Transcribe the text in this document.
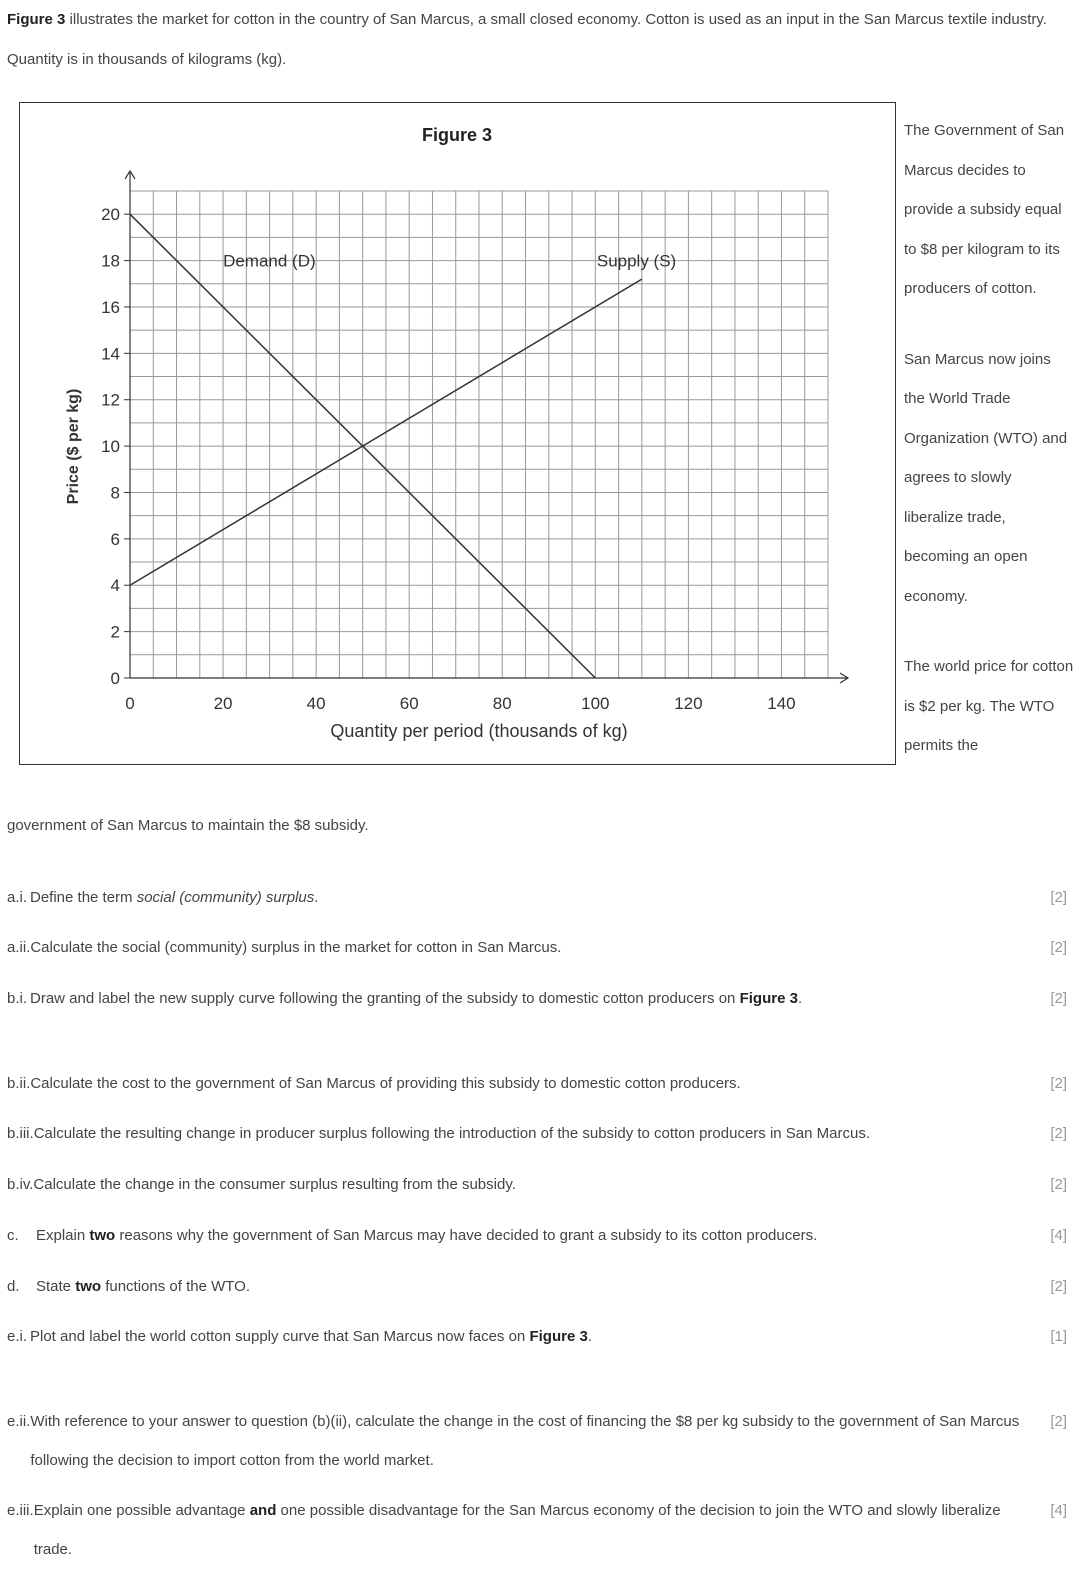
Figure 3 illustrates the market for cotton in the country of San Marcus, a small closed economy. Cotton is used as an input in the San Marcus textile industry. Quantity is in thousands of kilograms (kg).
Figure 3
0
2
4
6
8
10
12
14
16
18
20
0	20	40	60	80	100	120	140
Quantity per period (thousands of kg)
Price ($ per kg)
Demand (D)	Supply (S)

The Government of San Marcus decides to provide a subsidy equal to $8 per kilogram to its producers of cotton.

San Marcus now joins the World Trade Organization (WTO) and agrees to slowly liberalize trade, becoming an open economy.

The world price for cotton is $2 per kg. The WTO permits the

government of San Marcus to maintain the $8 subsidy.
a.i. Define the term social (community) surplus.	[2]
a.ii. Calculate the social (community) surplus in the market for cotton in San Marcus.	[2]
b.i. Draw and label the new supply curve following the granting of the subsidy to domestic cotton producers on Figure 3.	[2]
b.ii. Calculate the cost to the government of San Marcus of providing this subsidy to domestic cotton producers.	[2]
b.iii. Calculate the resulting change in producer surplus following the introduction of the subsidy to cotton producers in San Marcus.	[2]
b.iv. Calculate the change in the consumer surplus resulting from the subsidy.	[2]
c.	Explain two reasons why the government of San Marcus may have decided to grant a subsidy to its cotton producers.	[4]
d.	State two functions of the WTO.	[2]
e.i. Plot and label the world cotton supply curve that San Marcus now faces on Figure 3.	[1]
e.ii. With reference to your answer to question (b)(ii), calculate the change in the cost of financing the $8 per kg subsidy to the government of San Marcus following the decision to import cotton from the world market.
[2]
e.iii. Explain one possible advantage and one possible disadvantage for the San Marcus economy of the decision to join the WTO and slowly liberalize trade.
[4]
